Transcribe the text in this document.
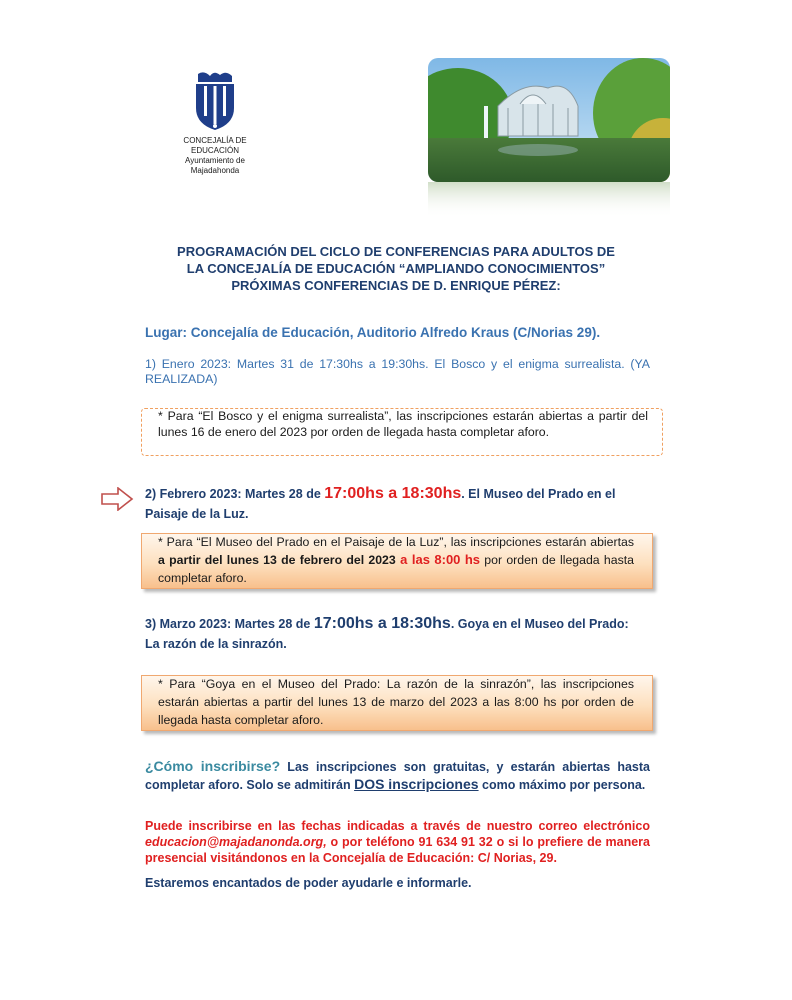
CONCEJALÍA DE
EDUCACIÓN
Ayuntamiento de
Majadahonda
PROGRAMACIÓN DEL CICLO DE CONFERENCIAS PARA ADULTOS DE
LA CONCEJALÍA DE EDUCACIÓN “AMPLIANDO CONOCIMIENTOS”
PRÓXIMAS CONFERENCIAS DE D. ENRIQUE PÉREZ:
Lugar: Concejalía de Educación, Auditorio Alfredo Kraus (C/Norias 29).
1) Enero 2023: Martes 31 de 17:30hs a 19:30hs. El Bosco y el enigma surrealista. (YA REALIZADA)
* Para “El Bosco y el enigma surrealista”, las inscripciones estarán abiertas a partir del lunes 16 de enero del 2023 por orden de llegada hasta completar aforo.
2) Febrero 2023: Martes 28 de 17:00hs a 18:30hs. El Museo del Prado en el Paisaje de la Luz.
* Para “El Museo del Prado en el Paisaje de la Luz”, las inscripciones estarán abiertas a partir del lunes 13 de febrero del 2023 a las 8:00 hs por orden de llegada hasta completar aforo.
3) Marzo 2023: Martes 28 de 17:00hs a 18:30hs. Goya en el Museo del Prado: La razón de la sinrazón.
* Para “Goya en el Museo del Prado: La razón de la sinrazón”, las inscripciones estarán abiertas a partir del lunes 13 de marzo del 2023 a las 8:00 hs por orden de llegada hasta completar aforo.
¿Cómo inscribirse? Las inscripciones son gratuitas, y estarán abiertas hasta completar aforo. Solo se admitirán DOS inscripciones como máximo por persona.
Puede inscribirse en las fechas indicadas a través de nuestro correo electrónico educacion@majadanonda.org, o por teléfono 91 634 91 32 o si lo prefiere de manera presencial visitándonos en la Concejalía de Educación: C/ Norias, 29.
Estaremos encantados de poder ayudarle e informarle.
